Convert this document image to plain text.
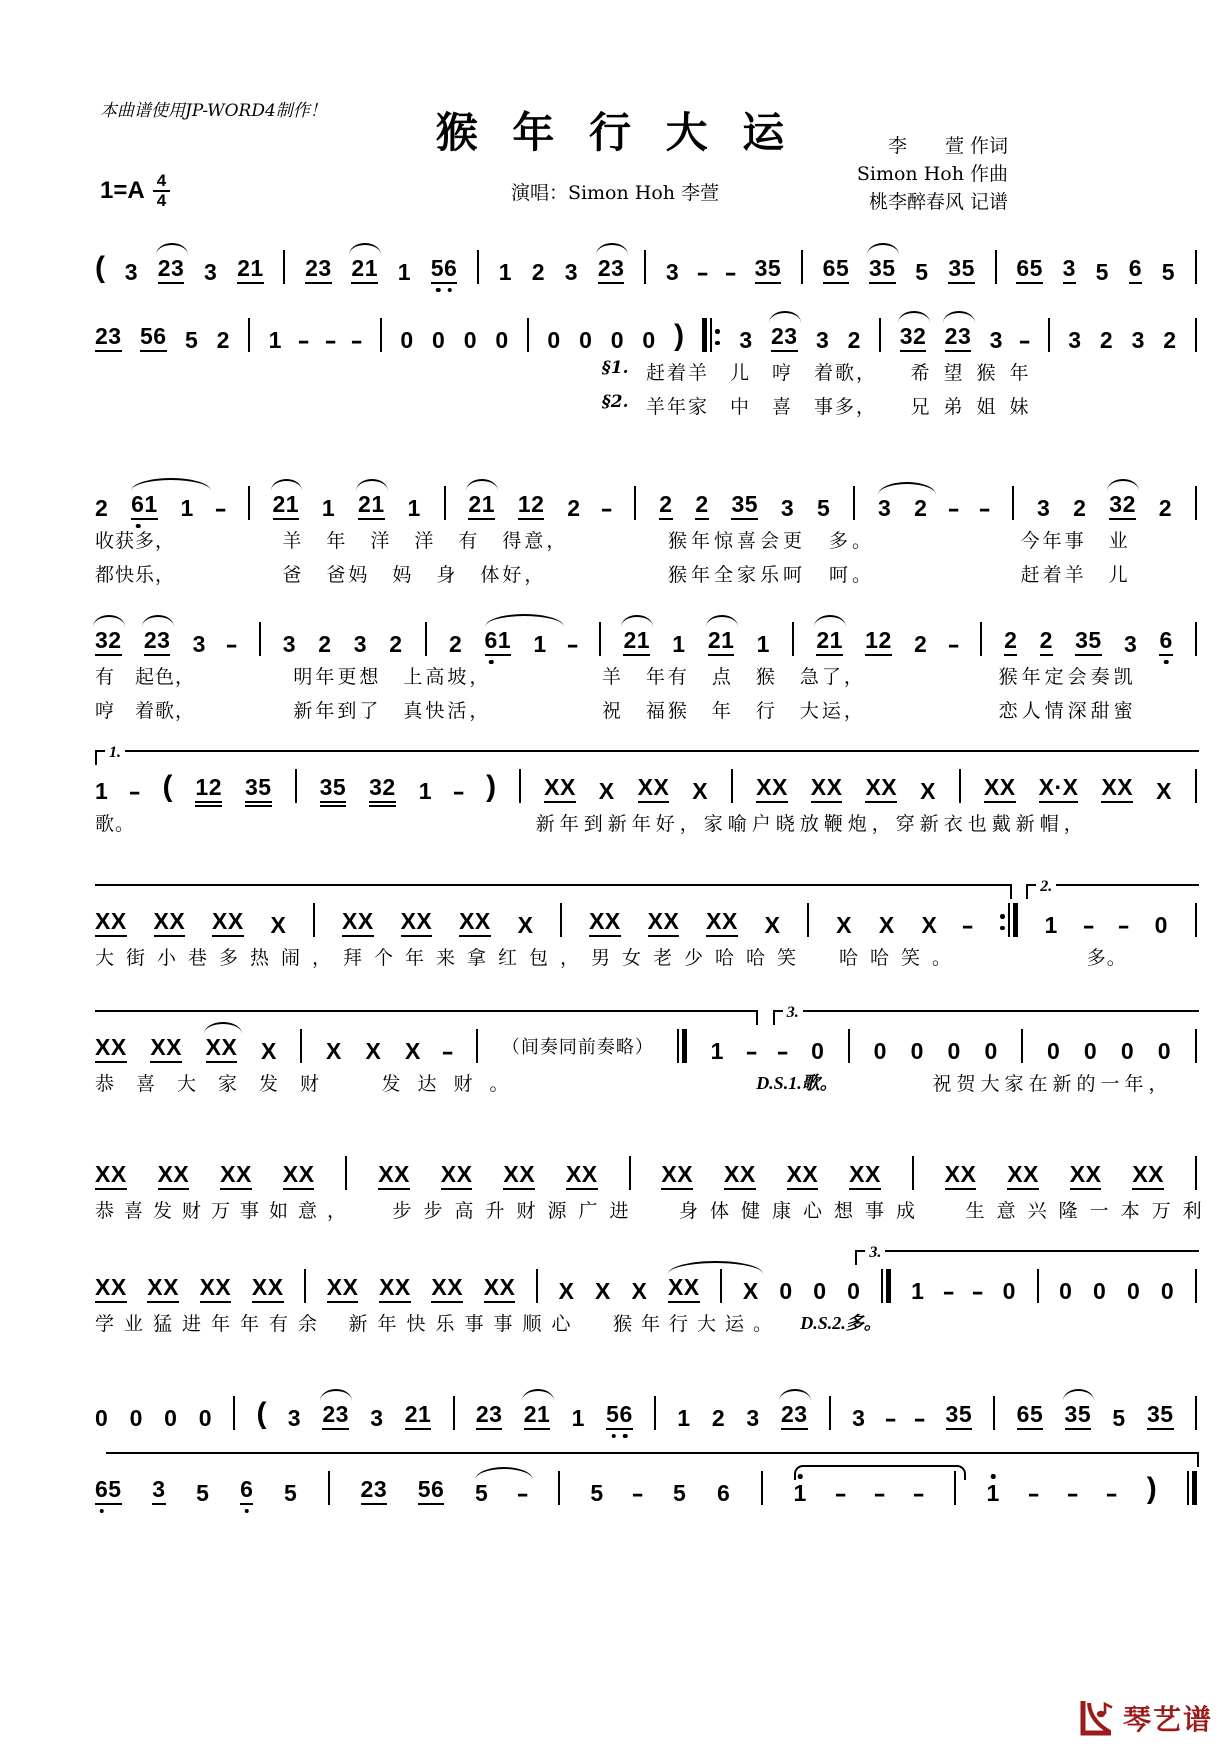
本曲谱使用JP-WORD4制作！	猴 年 行 大 运
演唱：Simon Hoh 李萱
李　　萱 作词
Simon Hoh 作曲
桃李醉春风 记谱
$1=A \frac{4}{4}$
( 3 23 3 21 23 21 1 56 1 2 3 23 3 - - 35 65 35 5 35 65 3 5 6 5
23 56 5 2 1 - - - 0 0 0 0 0 0 0 0 ) 3 23 3 2 32 23 3 - 3 2 3 2
§1. 赶着羊　儿　哼　着歌， 希望猴年
§2. 羊年家　中　喜　事多， 兄弟姐妹
2 61 1 - 21 1 21 1 21 12 2 - 2 2 35 3 5 3 2 - - 3 2 32 2
收获多，	羊　年　洋　洋　有　得意，	猴年惊喜会更　多。	今年事　业
都快乐，	爸　爸妈　妈　身　体好，	猴年全家乐呵　呵。	赶着羊　儿
32 23 3 - 3 2 3 2 2 61 1 - 21 1 21 1 21 12 2 - 2 2 35 3 6
有　起色，	明年更想　上高坡，	羊　年有　点　猴　急了，	猴年定会奏凯
哼　着歌，	新年到了　真快活，	祝　福猴　年　行　大运，	恋人情深甜蜜
1.
1 - ( 12 35 35 32 1 - ) XX X XX X XX XX XX X XX X·X XX X
歌。	新年到新年好，家喻户晓放鞭炮，穿新衣也戴新帽，
2.
XX XX XX X XX XX XX X XX XX XX X X X X -	1 - - 0
大街小巷多热闹，拜个年来拿红包，男女老少哈哈笑　哈哈笑。	多。
3.
XX XX XX X X X X -	（间奏同前奏略） 1 - - 0 0 0 0 0 0 0 0 0
恭喜大家发财 发达财。	D.S.1.歌。	祝贺大家在新的一年，
XX XX XX XX	XX XX XX XX	XX XX XX XX	XX XX XX XX
恭喜发财万事如意， 步步高升财源广进 身体健康心想事成 生意兴隆一本万利
3.
XX XX XX XX XX XX XX XX X X X XX X 0 0 0 1 - - 0 0 0 0 0
学业猛进年年有余 新年快乐事事顺心 猴年行大运。 D.S.2.多。
0 0 0 0 ( 3 23 3 21 23 21 1 56 1 2 3 23 3 - - 35 65 35 5 35
65 3 5 6 5	23 56 5 -	5 - 5 6	1 - - -	1 - - - )
琴艺谱
